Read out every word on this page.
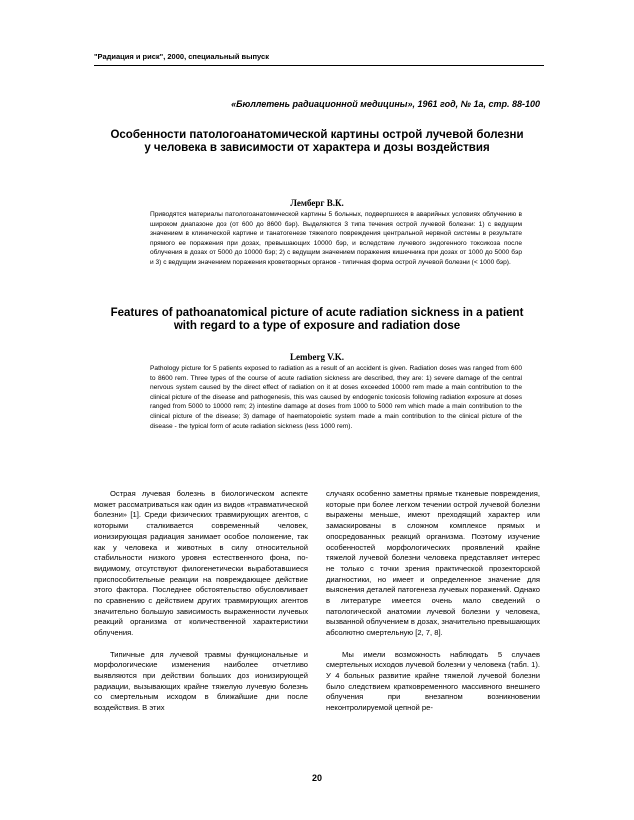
"Радиация и риск", 2000, специальный выпуск
«Бюллетень радиационной медицины», 1961 год, № 1а, стр. 88-100
Особенности патологоанатомической картины острой лучевой болезни у человека в зависимости от характера и дозы воздействия
Лемберг В.К.
Приводятся материалы патологоанатомической картины 5 больных, подвергшихся в аварийных условиях облучению в широком диапазоне доз (от 600 до 8600 бэр). Выделяются 3 типа течения острой лучевой болезни: 1) с ведущим значением в клинической картине и танатогенезе тяжелого повреждения центральной нервной системы в результате прямого ее поражения при дозах, превышающих 10000 бэр, и вследствие лучевого эндогенного токсикоза после облучения в дозах от 5000 до 10000 бэр; 2) с ведущим значением поражения кишечника при дозах от 1000 до 5000 бэр и 3) с ведущим значением поражения кроветворных органов - типичная форма острой лучевой болезни (< 1000 бэр).
Features of pathoanatomical picture of acute radiation sickness in a patient with regard to a type of exposure and radiation dose
Lemberg V.K.
Pathology picture for 5 patients exposed to radiation as a result of an accident is given. Radiation doses was ranged from 600 to 8600 rem. Three types of the course of acute radiation sickness are described, they are: 1) severe damage of the central nervous system caused by the direct effect of radiation on it at doses exceeded 10000 rem made a main contribution to the clinical picture of the disease and pathogenesis, this was caused by endogenic toxicosis following radiation exposure at doses ranged from 5000 to 10000 rem; 2) intestine damage at doses from 1000 to 5000 rem which made a main contribution to the clinical picture of the disease; 3) damage of haematopoietic system made a main contribution to the clinical picture of the disease - the typical form of acute radiation sickness (less 1000 rem).

Острая лучевая болезнь в биологическом аспекте может рассматриваться как один из видов «травматической болезни» [1]. Среди физических травмирующих агентов, с которыми сталкивается современный человек, ионизирующая радиация занимает особое положение, так как у человека и животных в силу относительной стабильности низкого уровня естественного фона, по-видимому, отсутствуют филогенетически выработавшиеся приспособительные реакции на повреждающее действие этого фактора. Последнее обстоятельство обусловливает по сравнению с действием других травмирующих агентов значительно большую зависимость выраженности лучевых реакций организма от количественной характеристики облучения.

Типичные для лучевой травмы функциональные и морфологические изменения наиболее отчетливо выявляются при действии больших доз ионизирующей радиации, вызывающих крайне тяжелую лучевую болезнь со смертельным исходом в ближайшие дни после воздействия. В этих

случаях особенно заметны прямые тканевые повреждения, которые при более легком течении острой лучевой болезни выражены меньше, имеют преходящий характер или замаскированы в сложном комплексе прямых и опосредованных реакций организма. Поэтому изучение особенностей морфологических проявлений крайне тяжелой лучевой болезни человека представляет интерес не только с точки зрения практической прозекторской диагностики, но имеет и определенное значение для выяснения деталей патогенеза лучевых поражений. Однако в литературе имеется очень мало сведений о патологической анатомии лучевой болезни у человека, вызванной облучением в дозах, значительно превышающих абсолютно смертельную [2, 7, 8].

Мы имели возможность наблюдать 5 случаев смертельных исходов лучевой болезни у человека (табл. 1). У 4 больных развитие крайне тяжелой лучевой болезни было следствием кратковременного массивного внешнего облучения при внезапном возникновении неконтролируемой цепной ре-

20
